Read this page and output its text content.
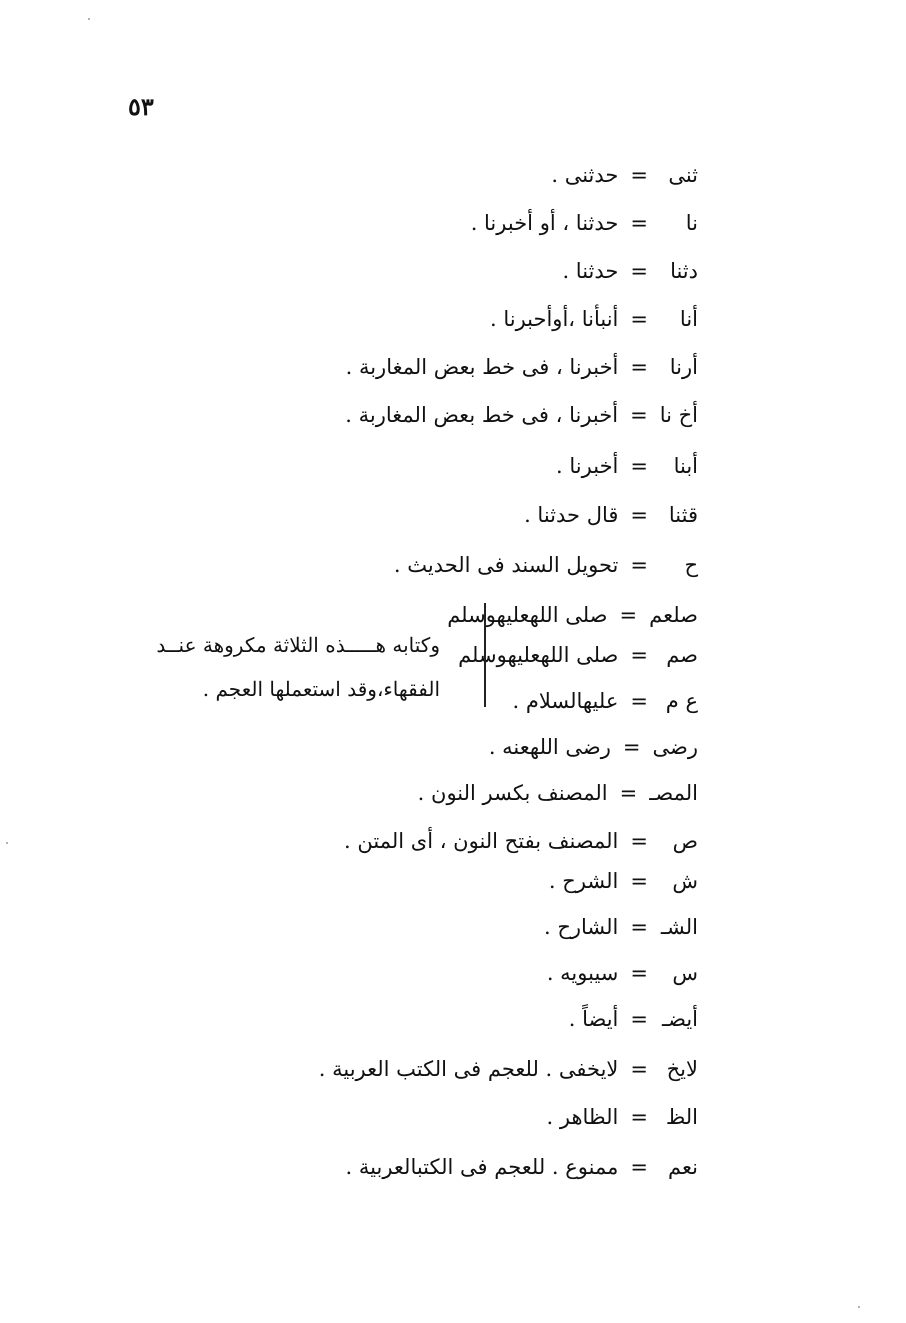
٥٣
ثنى=حدثنى .
نا=حدثنا ، أو أخبرنا .
دثنا=حدثنا .
أنا=أنبأنا ،أوأحبرنا .
أرنا=أخبرنا ، فى خط بعض المغاربة .
أخ نا=أخبرنا ، فى خط بعض المغاربة .
أبنا=أخبرنا .
قثنا=قال حدثنا .
ح=تحويل السند فى الحديث .
صلعم=صلى اللهعليهوسلم
صم=صلى اللهعليهوسلم
ع م=عليهالسلام .
رضى=رضى اللهعنه .
المصـ=المصنف بكسر النون .
ص=المصنف بفتح النون ، أى المتن .
ش=الشرح .
الشـ=الشارح .
س=سيبويه .
أيضـ=أيضاً .
لايخ=لايخفى . للعجم فى الكتب العربية .
الظ=الظاهر .
نعم=ممنوع . للعجم فى الكتبالعربية .
وكتابه هـــــذه الثلاثة مكروهة عنــد
الفقهاء،وقد استعملها العجم .
